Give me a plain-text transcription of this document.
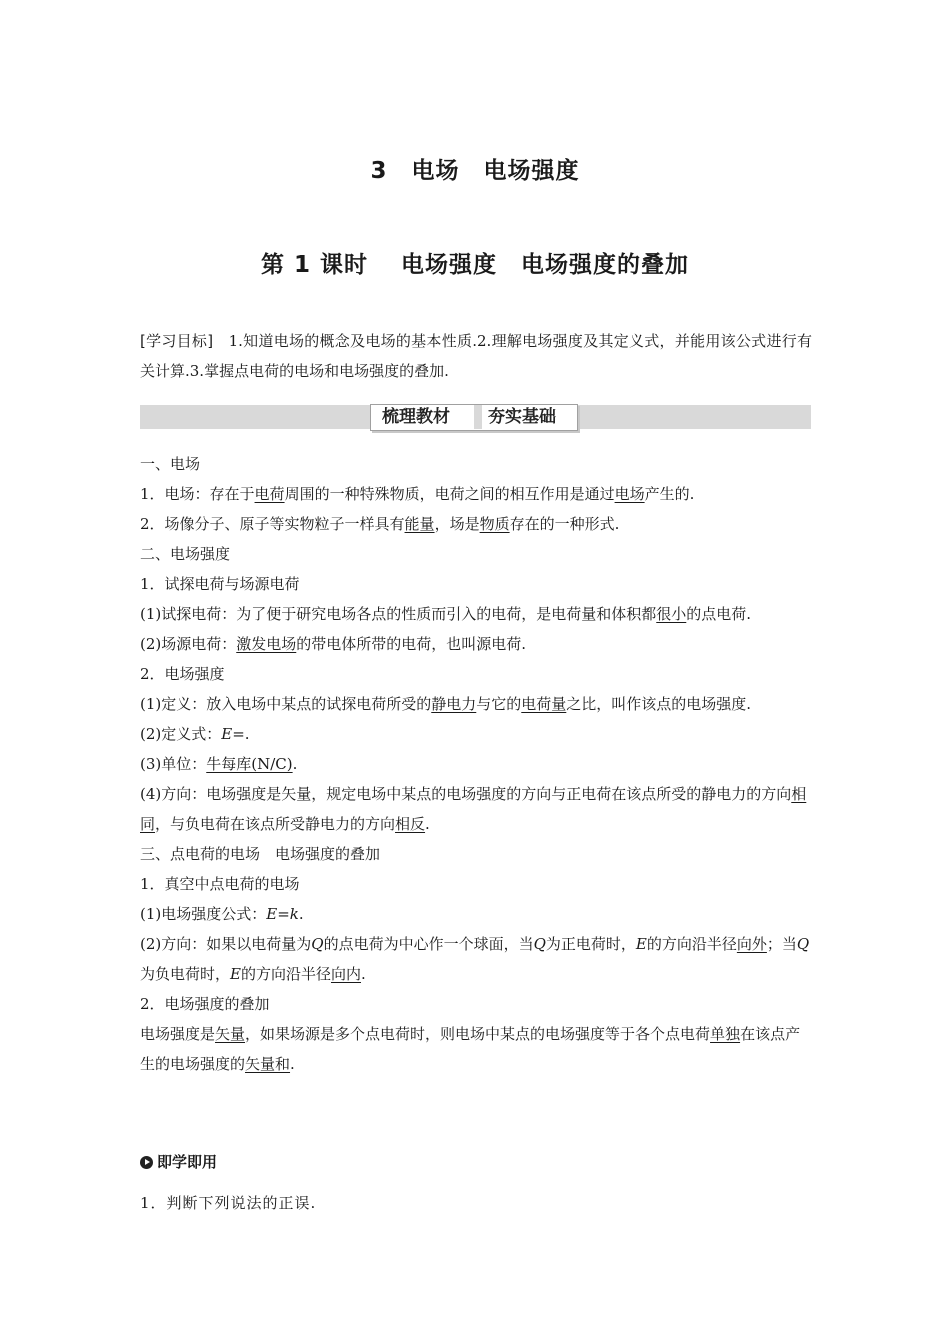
3　电场　电场强度
第 1 课时　 电场强度　电场强度的叠加
[学习目标]　1.知道电场的概念及电场的基本性质.2.理解电场强度及其定义式，并能用该公式进行有关计算.3.掌握点电荷的电场和电场强度的叠加.
梳理教材 夯实基础

一、电场

1．电场：存在于电荷周围的一种特殊物质，电荷之间的相互作用是通过电场产生的.

2．场像分子、原子等实物粒子一样具有能量，场是物质存在的一种形式.

二、电场强度

1．试探电荷与场源电荷

(1)试探电荷：为了便于研究电场各点的性质而引入的电荷，是电荷量和体积都很小的点电荷.

(2)场源电荷：激发电场的带电体所带的电荷，也叫源电荷.

2．电场强度

(1)定义：放入电场中某点的试探电荷所受的静电力与它的电荷量之比，叫作该点的电场强度.

(2)定义式：E=.

(3)单位：牛每库(N/C).

(4)方向：电场强度是矢量，规定电场中某点的电场强度的方向与正电荷在该点所受的静电力的方向相同，与负电荷在该点所受静电力的方向相反.

三、点电荷的电场　电场强度的叠加

1．真空中点电荷的电场

(1)电场强度公式：E=k.

(2)方向：如果以电荷量为Q的点电荷为中心作一个球面，当Q为正电荷时，E的方向沿半径向外；当Q为负电荷时，E的方向沿半径向内.

2．电场强度的叠加

电场强度是矢量，如果场源是多个点电荷时，则电场中某点的电场强度等于各个点电荷单独在该点产生的电场强度的矢量和.

即学即用
1．判断下列说法的正误.
